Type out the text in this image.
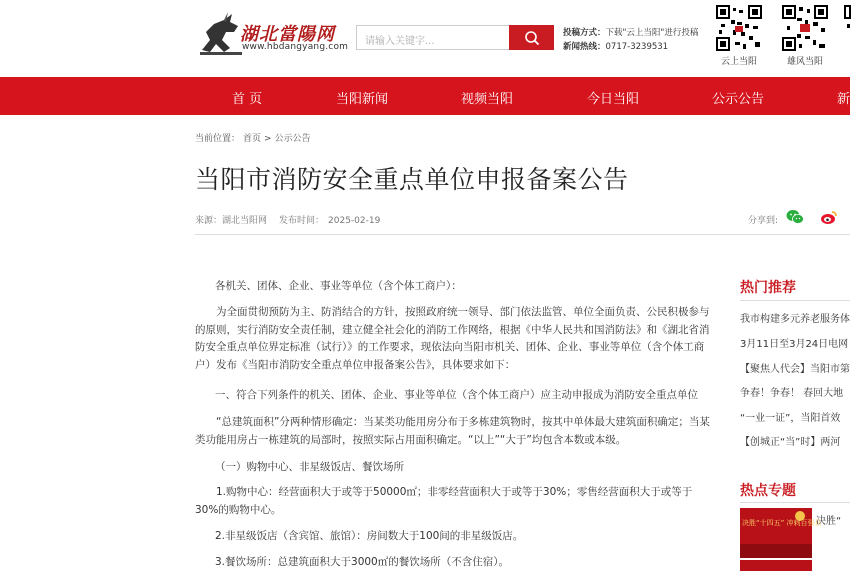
湖北當陽网
www.hbdangyang.com	请输入关键字...
投稿方式：下载"云上当阳"进行投稿
新闻热线：0717-3239531
云上当阳	雄风当阳
首 页	当阳新闻	视频当阳	今日当阳	公示公告	新
当前位置： 首页 > 公示公告
当阳市消防安全重点单位申报备案公告
来源：湖北当阳网 发布时间： 2025-02-19	分享到:
各机关、团体、企业、事业等单位（含个体工商户）：
为全面贯彻预防为主、防消结合的方针，按照政府统一领导、部门依法监管、单位全面负责、公民积极参与的原则，实行消防安全责任制，建立健全社会化的消防工作网络，根据《中华人民共和国消防法》和《湖北省消防安全重点单位界定标准（试行）》的工作要求，现依法向当阳市机关、团体、企业、事业等单位（含个体工商户）发布《当阳市消防安全重点单位申报备案公告》，具体要求如下：
一、符合下列条件的机关、团体、企业、事业等单位（含个体工商户）应主动申报成为消防安全重点单位
“总建筑面积”分两种情形确定：当某类功能用房分布于多栋建筑物时，按其中单体最大建筑面积确定；当某类功能用房占一栋建筑的局部时，按照实际占用面积确定。“以上”“大于”均包含本数或本级。
（一）购物中心、非星级饭店、餐饮场所
1.购物中心：经营面积大于或等于50000㎡；非零经营面积大于或等于30%；零售经营面积大于或等于30%的购物中心。
2.非星级饭店（含宾馆、旅馆）：房间数大于100间的非星级饭店。
3.餐饮场所：总建筑面积大于3000㎡的餐饮场所（不含住宿）。
热门推荐
我市构建多元养老服务体
3月11日至3月24日电网
【聚焦人代会】当阳市第
争春！争春！ 春回大地
“一业一证”，当阳首效
【创城正“当”时】两河
热点专题
决胜“十四五” 冲刺百强县
决胜“
